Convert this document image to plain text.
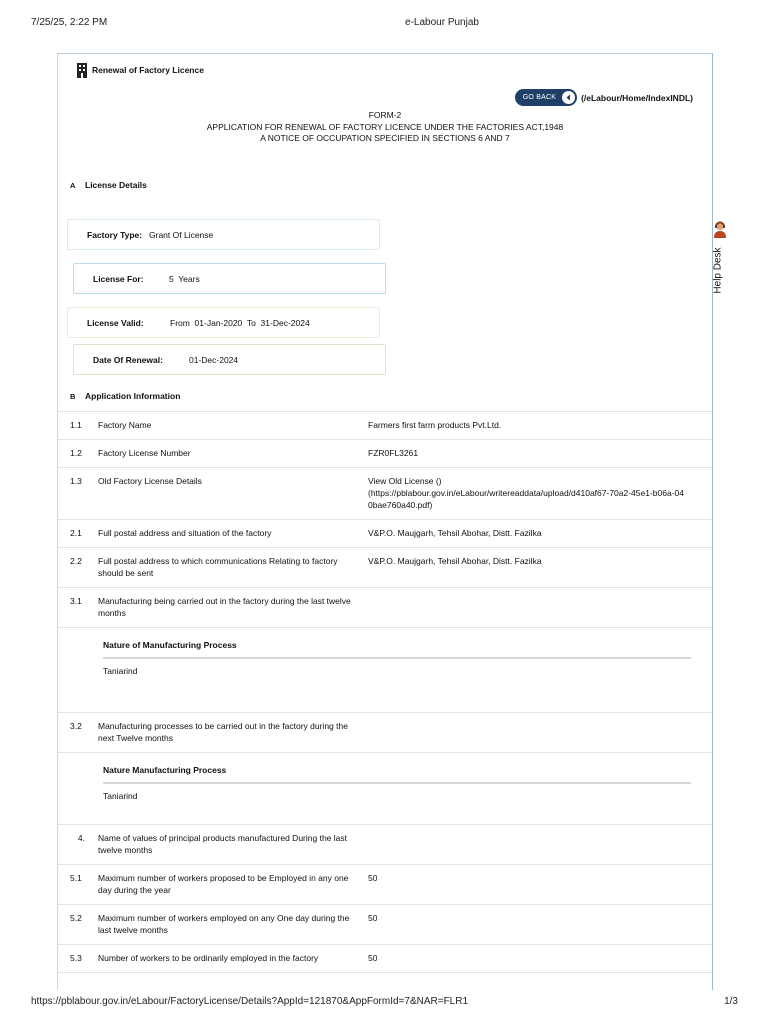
7/25/25, 2:22 PM	e-Labour Punjab
Renewal of Factory Licence
GO BACK	(/eLabour/Home/IndexINDL)
FORM-2
APPLICATION FOR RENEWAL OF FACTORY LICENCE UNDER THE FACTORIES ACT,1948
A NOTICE OF OCCUPATION SPECIFIED IN SECTIONS 6 AND 7
A License Details
Factory Type: Grant Of License
License For:	5  Years
License Valid:	From  01-Jan-2020  To  31-Dec-2024
Date Of Renewal:	01-Dec-2024
B Application Information
1.1	Factory Name	Farmers first farm products Pvt.Ltd.
1.2	Factory License Number	FZR0FL3261
1.3	Old Factory License Details	View Old License ()
(https://pblabour.gov.in/eLabour/writereaddata/upload/d410af67-70a2-45e1-b06a-040bae760a40.pdf)

2.1	Full postal address and situation of the factory	V&P.O. Maujgarh, Tehsil Abohar, Distt. Fazilka
2.2	Full postal address to which communications Relating to factory should be sent	V&P.O. Maujgarh, Tehsil Abohar, Distt. Fazilka
3.1	Manufacturing being carried out in the factory during the last twelve months	

Nature of Manufacturing Process
Taniarind		

3.2	Manufacturing processes to be carried out in the factory during the next Twelve months	

Nature Manufacturing Process
Taniarind		

4.	Name of values of principal products manufactured During the last twelve months	
5.1	Maximum number of workers proposed to be Employed in any one day during the year	50
5.2	Maximum number of workers employed on any One day during the last twelve months	50
5.3	Number of workers to be ordinarily employed in the factory	50
Help Desk
https://pblabour.gov.in/eLabour/FactoryLicense/Details?AppId=121870&AppFormId=7&NAR=FLR1	1/3
